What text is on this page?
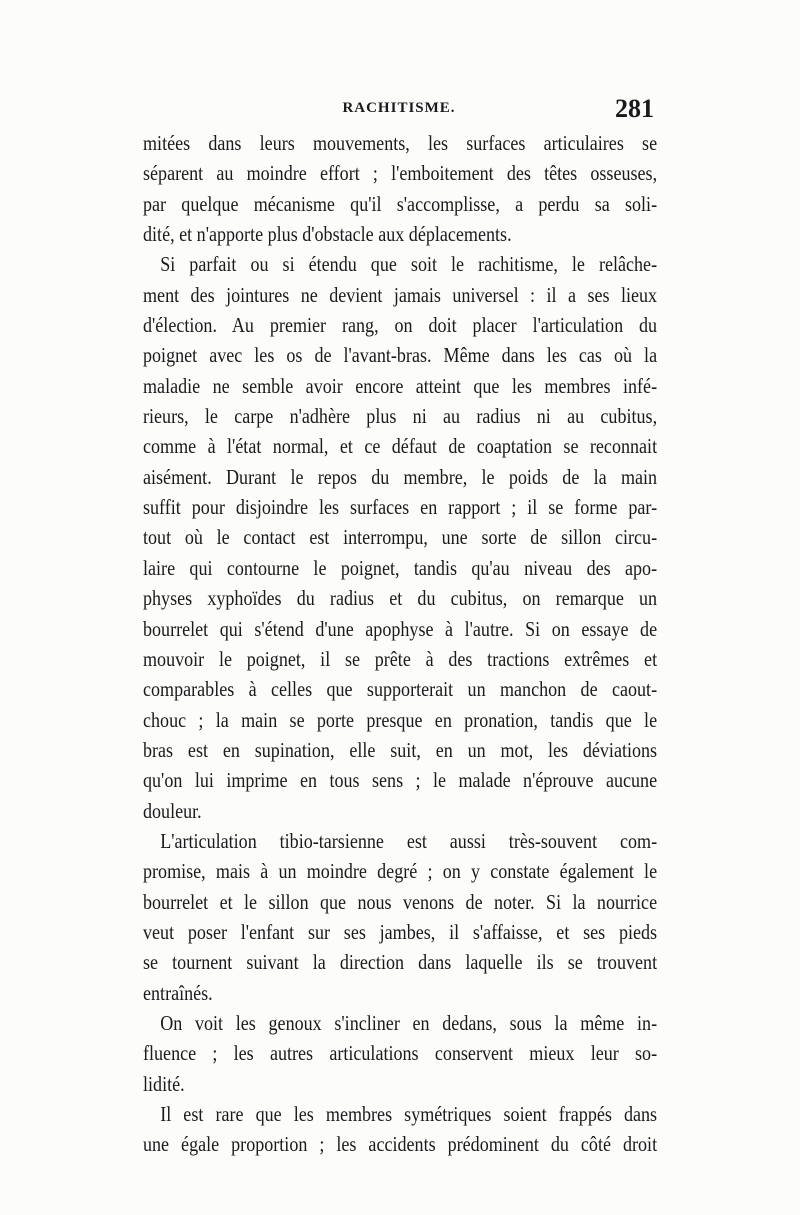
RACHITISME.	281
mitées dans leurs mouvements, les surfaces articulaires se
séparent au moindre effort ; l'emboitement des têtes osseuses,
par quelque mécanisme qu'il s'accomplisse, a perdu sa soli-
dité, et n'apporte plus d'obstacle aux déplacements.
Si parfait ou si étendu que soit le rachitisme, le relâche-
ment des jointures ne devient jamais universel : il a ses lieux
d'élection. Au premier rang, on doit placer l'articulation du
poignet avec les os de l'avant-bras. Même dans les cas où la
maladie ne semble avoir encore atteint que les membres infé-
rieurs, le carpe n'adhère plus ni au radius ni au cubitus,
comme à l'état normal, et ce défaut de coaptation se reconnait
aisément. Durant le repos du membre, le poids de la main
suffit pour disjoindre les surfaces en rapport ; il se forme par-
tout où le contact est interrompu, une sorte de sillon circu-
laire qui contourne le poignet, tandis qu'au niveau des apo-
physes xyphoïdes du radius et du cubitus, on remarque un
bourrelet qui s'étend d'une apophyse à l'autre. Si on essaye de
mouvoir le poignet, il se prête à des tractions extrêmes et
comparables à celles que supporterait un manchon de caout-
chouc ; la main se porte presque en pronation, tandis que le
bras est en supination, elle suit, en un mot, les déviations
qu'on lui imprime en tous sens ; le malade n'éprouve aucune
douleur.
L'articulation tibio-tarsienne est aussi très-souvent com-
promise, mais à un moindre degré ; on y constate également le
bourrelet et le sillon que nous venons de noter. Si la nourrice
veut poser l'enfant sur ses jambes, il s'affaisse, et ses pieds
se tournent suivant la direction dans laquelle ils se trouvent
entraînés.
On voit les genoux s'incliner en dedans, sous la même in-
fluence ; les autres articulations conservent mieux leur so-
lidité.
Il est rare que les membres symétriques soient frappés dans
une égale proportion ; les accidents prédominent du côté droit
